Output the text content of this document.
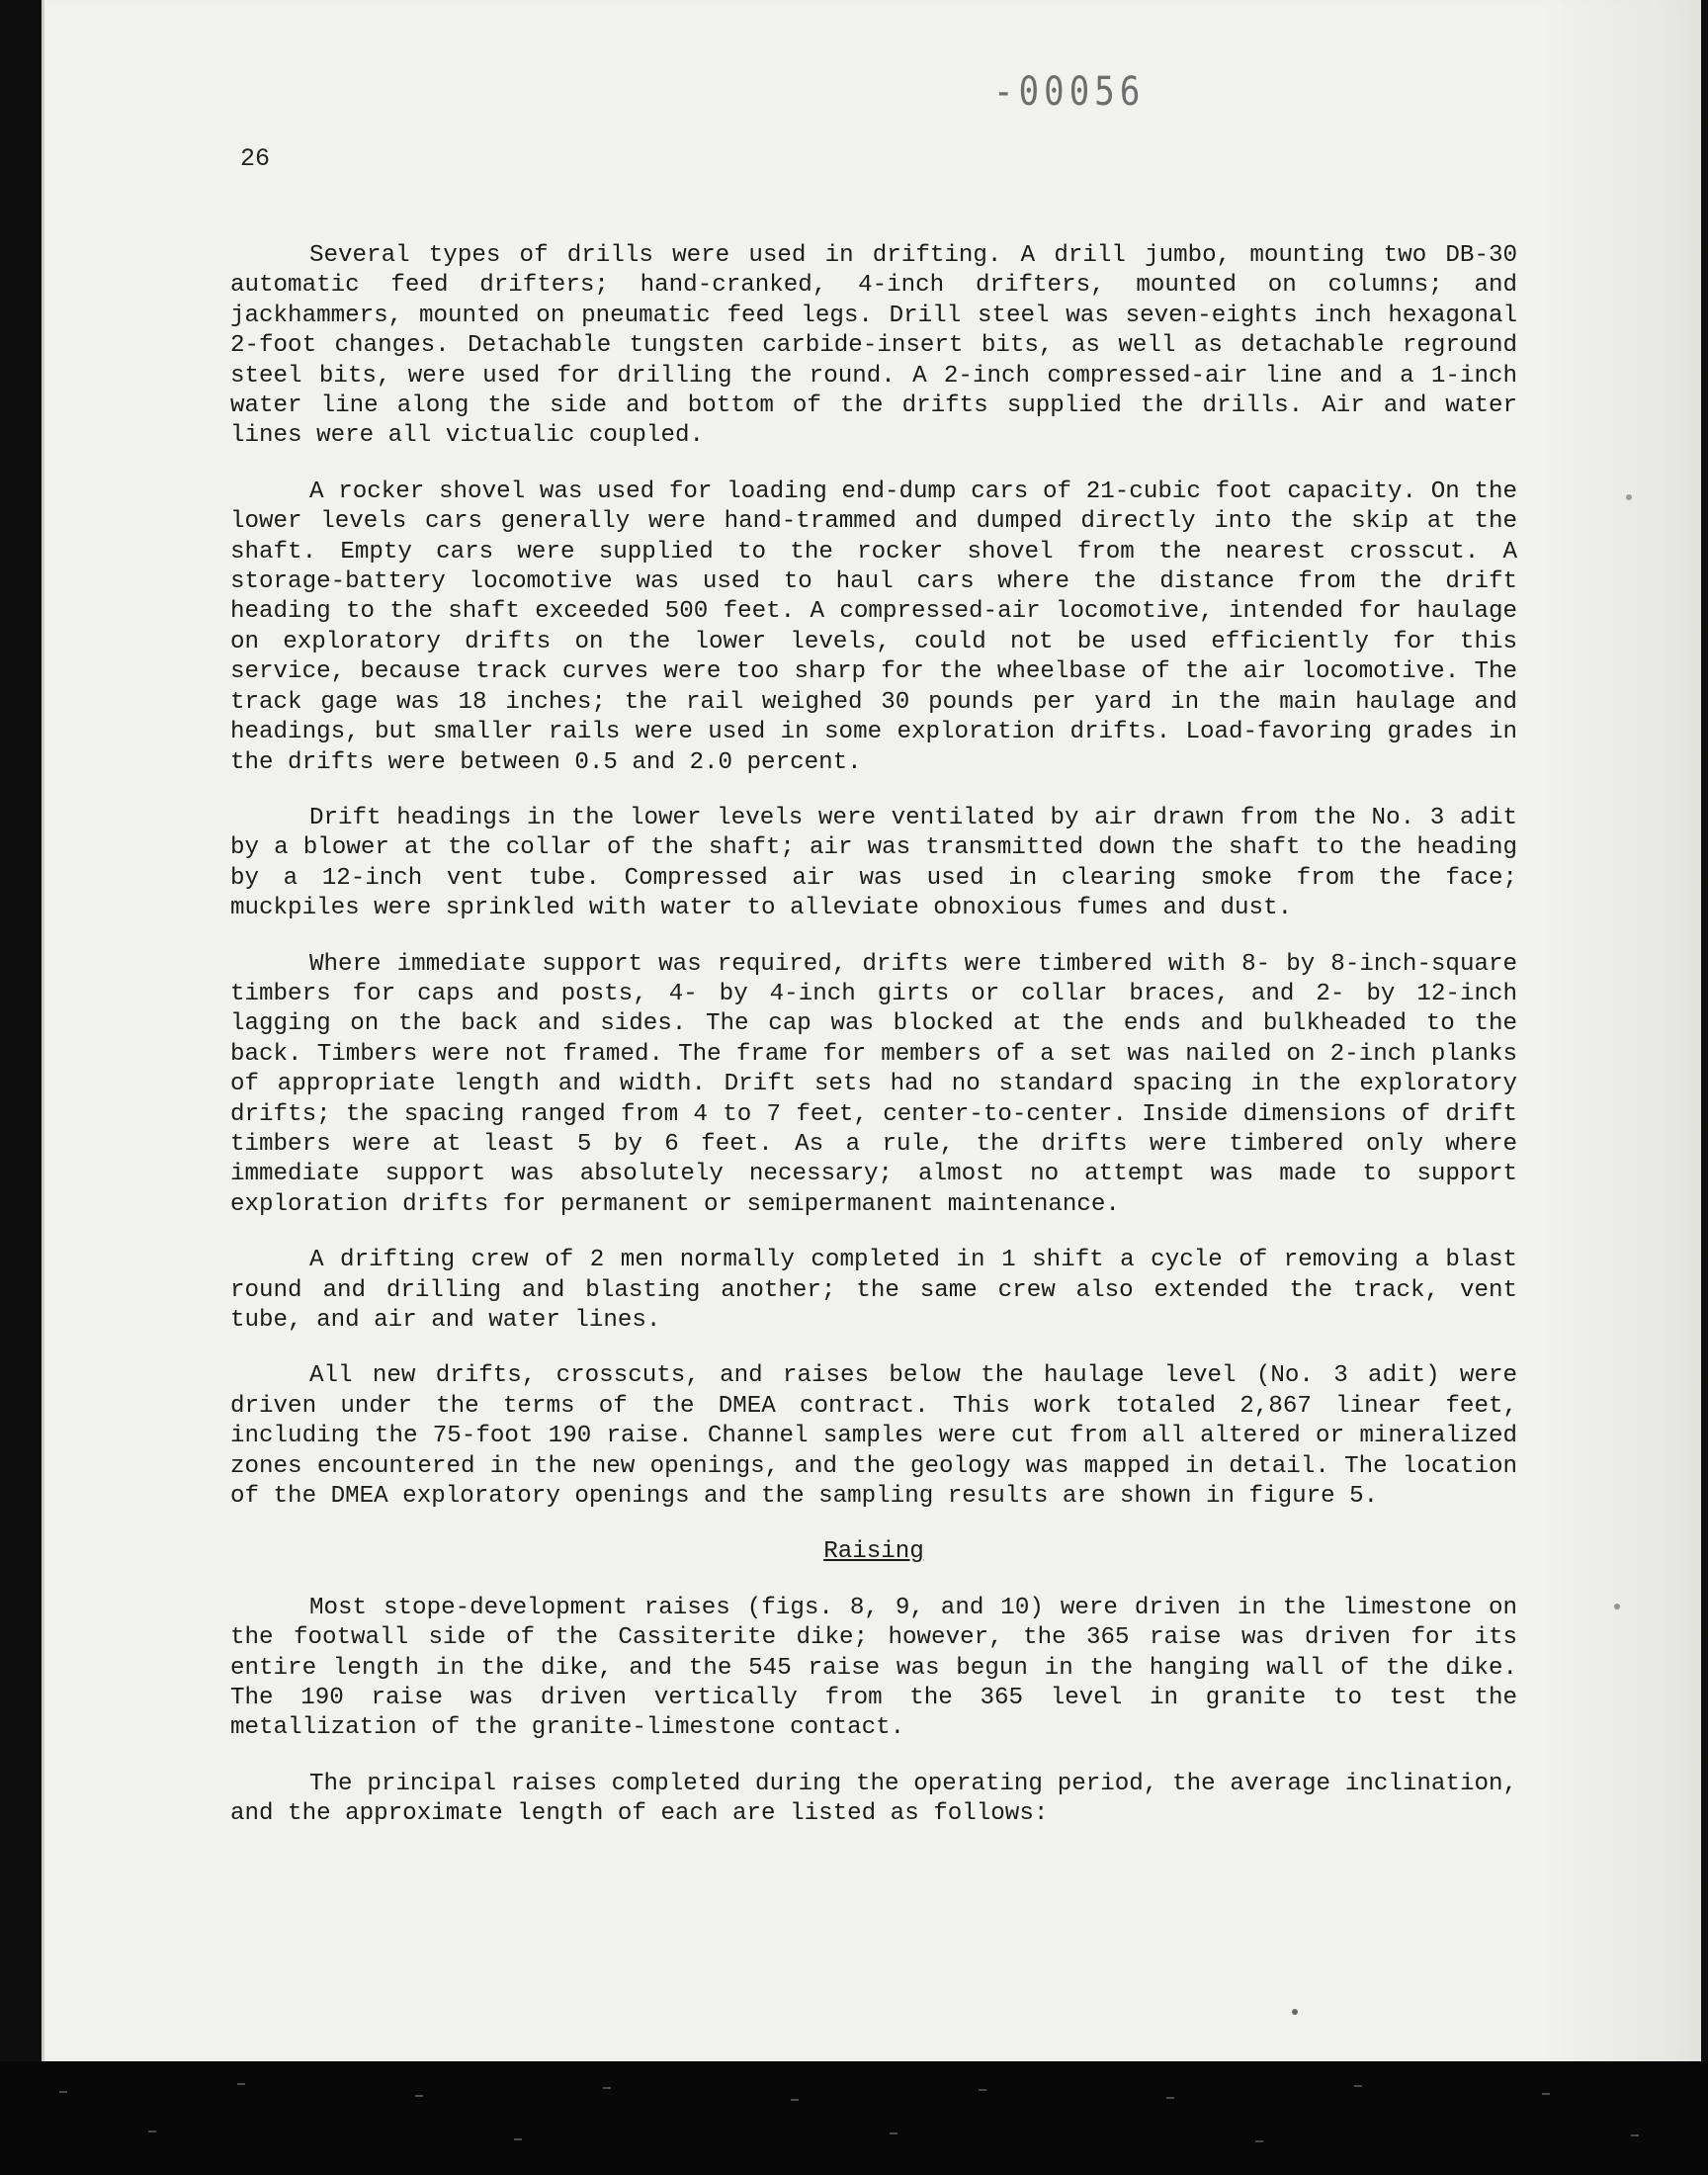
-00056
26

Several types of drills were used in drifting. A drill jumbo, mounting two DB-30 automatic feed drifters; hand-cranked, 4-inch drifters, mounted on columns; and jackhammers, mounted on pneumatic feed legs. Drill steel was seven-eights inch hexagonal 2-foot changes. Detachable tungsten carbide-insert bits, as well as detachable reground steel bits, were used for drilling the round. A 2-inch compressed-air line and a 1-inch water line along the side and bottom of the drifts supplied the drills. Air and water lines were all victualic coupled.

A rocker shovel was used for loading end-dump cars of 21-cubic foot capacity. On the lower levels cars generally were hand-trammed and dumped directly into the skip at the shaft. Empty cars were supplied to the rocker shovel from the nearest crosscut. A storage-battery locomotive was used to haul cars where the distance from the drift heading to the shaft exceeded 500 feet. A compressed-air locomotive, intended for haulage on exploratory drifts on the lower levels, could not be used efficiently for this service, because track curves were too sharp for the wheelbase of the air locomotive. The track gage was 18 inches; the rail weighed 30 pounds per yard in the main haulage and headings, but smaller rails were used in some exploration drifts. Load-favoring grades in the drifts were between 0.5 and 2.0 percent.

Drift headings in the lower levels were ventilated by air drawn from the No. 3 adit by a blower at the collar of the shaft; air was transmitted down the shaft to the heading by a 12-inch vent tube. Compressed air was used in clearing smoke from the face; muckpiles were sprinkled with water to alleviate obnoxious fumes and dust.

Where immediate support was required, drifts were timbered with 8- by 8-inch-square timbers for caps and posts, 4- by 4-inch girts or collar braces, and 2- by 12-inch lagging on the back and sides. The cap was blocked at the ends and bulkheaded to the back. Timbers were not framed. The frame for members of a set was nailed on 2-inch planks of appropriate length and width. Drift sets had no standard spacing in the exploratory drifts; the spacing ranged from 4 to 7 feet, center-to-center. Inside dimensions of drift timbers were at least 5 by 6 feet. As a rule, the drifts were timbered only where immediate support was absolutely necessary; almost no attempt was made to support exploration drifts for permanent or semipermanent maintenance.

A drifting crew of 2 men normally completed in 1 shift a cycle of removing a blast round and drilling and blasting another; the same crew also extended the track, vent tube, and air and water lines.

All new drifts, crosscuts, and raises below the haulage level (No. 3 adit) were driven under the terms of the DMEA contract. This work totaled 2,867 linear feet, including the 75-foot 190 raise. Channel samples were cut from all altered or mineralized zones encountered in the new openings, and the geology was mapped in detail. The location of the DMEA exploratory openings and the sampling results are shown in figure 5.

Raising

Most stope-development raises (figs. 8, 9, and 10) were driven in the limestone on the footwall side of the Cassiterite dike; however, the 365 raise was driven for its entire length in the dike, and the 545 raise was begun in the hanging wall of the dike. The 190 raise was driven vertically from the 365 level in granite to test the metallization of the granite-limestone contact.

The principal raises completed during the operating period, the average inclination, and the approximate length of each are listed as follows:
